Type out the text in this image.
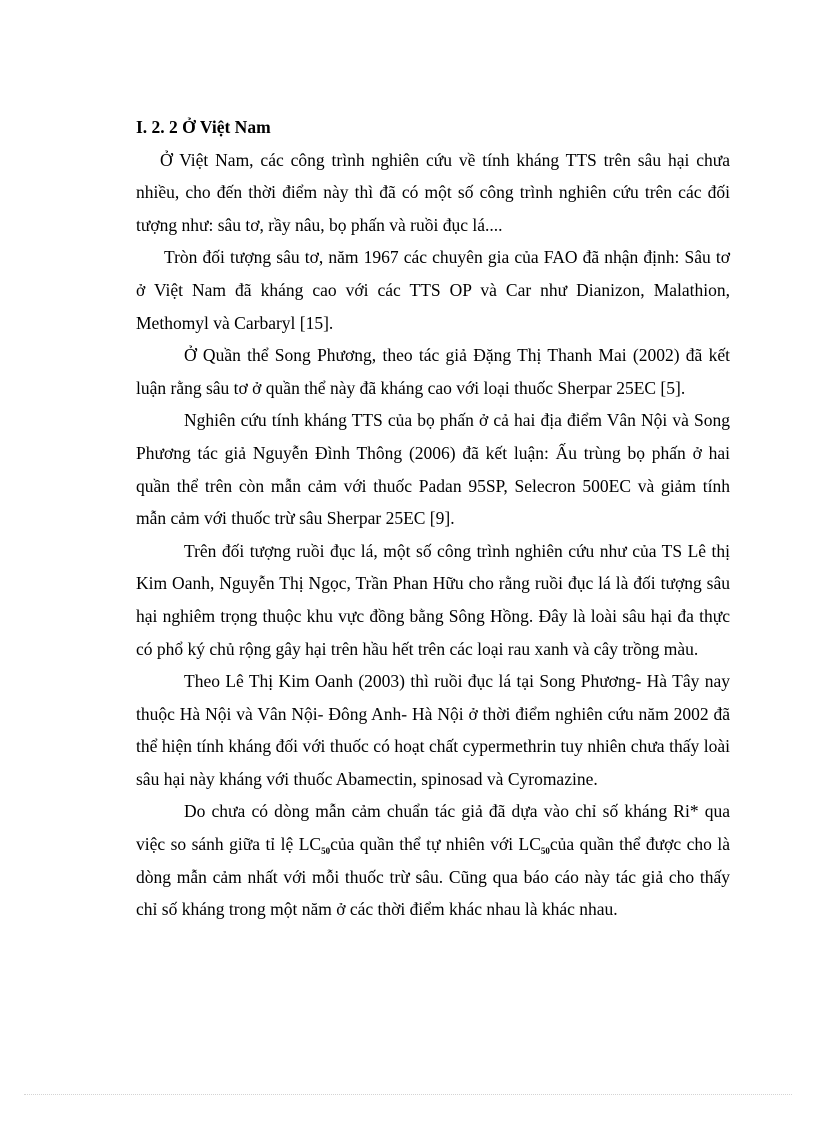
I. 2. 2 Ở Việt Nam

Ở Việt Nam, các công trình nghiên cứu về tính kháng TTS trên sâu hại chưa nhiều, cho đến thời điểm này thì đã có một số công trình nghiên cứu trên các đối tượng như: sâu tơ, rầy nâu, bọ phấn và ruồi đục lá....

Tròn đối tượng sâu tơ, năm 1967 các chuyên gia của FAO đã nhận định: Sâu tơ ở Việt Nam đã kháng cao với các TTS OP và Car như Dianizon, Malathion, Methomyl và Carbaryl [15].

Ở Quần thể Song Phương, theo tác giả Đặng Thị Thanh Mai (2002) đã kết luận rằng sâu tơ ở quần thể này đã kháng cao với loại thuốc Sherpar 25EC [5].

Nghiên cứu tính kháng TTS của bọ phấn ở cả hai địa điểm Vân Nội và Song Phương tác giả Nguyễn Đình Thông (2006) đã kết luận: Ấu trùng bọ phấn ở hai quần thể trên còn mẫn cảm với thuốc Padan 95SP, Selecron 500EC và giảm tính mẫn cảm với thuốc trừ sâu Sherpar 25EC [9].

Trên đối tượng ruồi đục lá, một số công trình nghiên cứu như của TS Lê thị Kim Oanh, Nguyễn Thị Ngọc, Trần Phan Hữu cho rằng ruồi đục lá là đối tượng sâu hại nghiêm trọng thuộc khu vực đồng bằng Sông Hồng. Đây là loài sâu hại đa thực có phổ ký chủ rộng gây hại trên hầu hết trên các loại rau xanh và cây trồng màu.

Theo Lê Thị Kim Oanh (2003) thì ruồi đục lá tại Song Phương- Hà Tây nay thuộc Hà Nội và Vân Nội- Đông Anh- Hà Nội ở thời điểm nghiên cứu năm 2002 đã thể hiện tính kháng đối với thuốc có hoạt chất cypermethrin tuy nhiên chưa thấy loài sâu hại này kháng với thuốc Abamectin, spinosad và Cyromazine.

Do chưa có dòng mẫn cảm chuẩn tác giả đã dựa vào chỉ số kháng Ri* qua việc so sánh giữa tỉ lệ $LC_{50}của$ quần thể tự nhiên với $LC_{50}của$ quần thể được cho là dòng mẫn cảm nhất với mỗi thuốc trừ sâu. Cũng qua báo cáo này tác giả cho thấy chỉ số kháng trong một năm ở các thời điểm khác nhau là khác nhau.
